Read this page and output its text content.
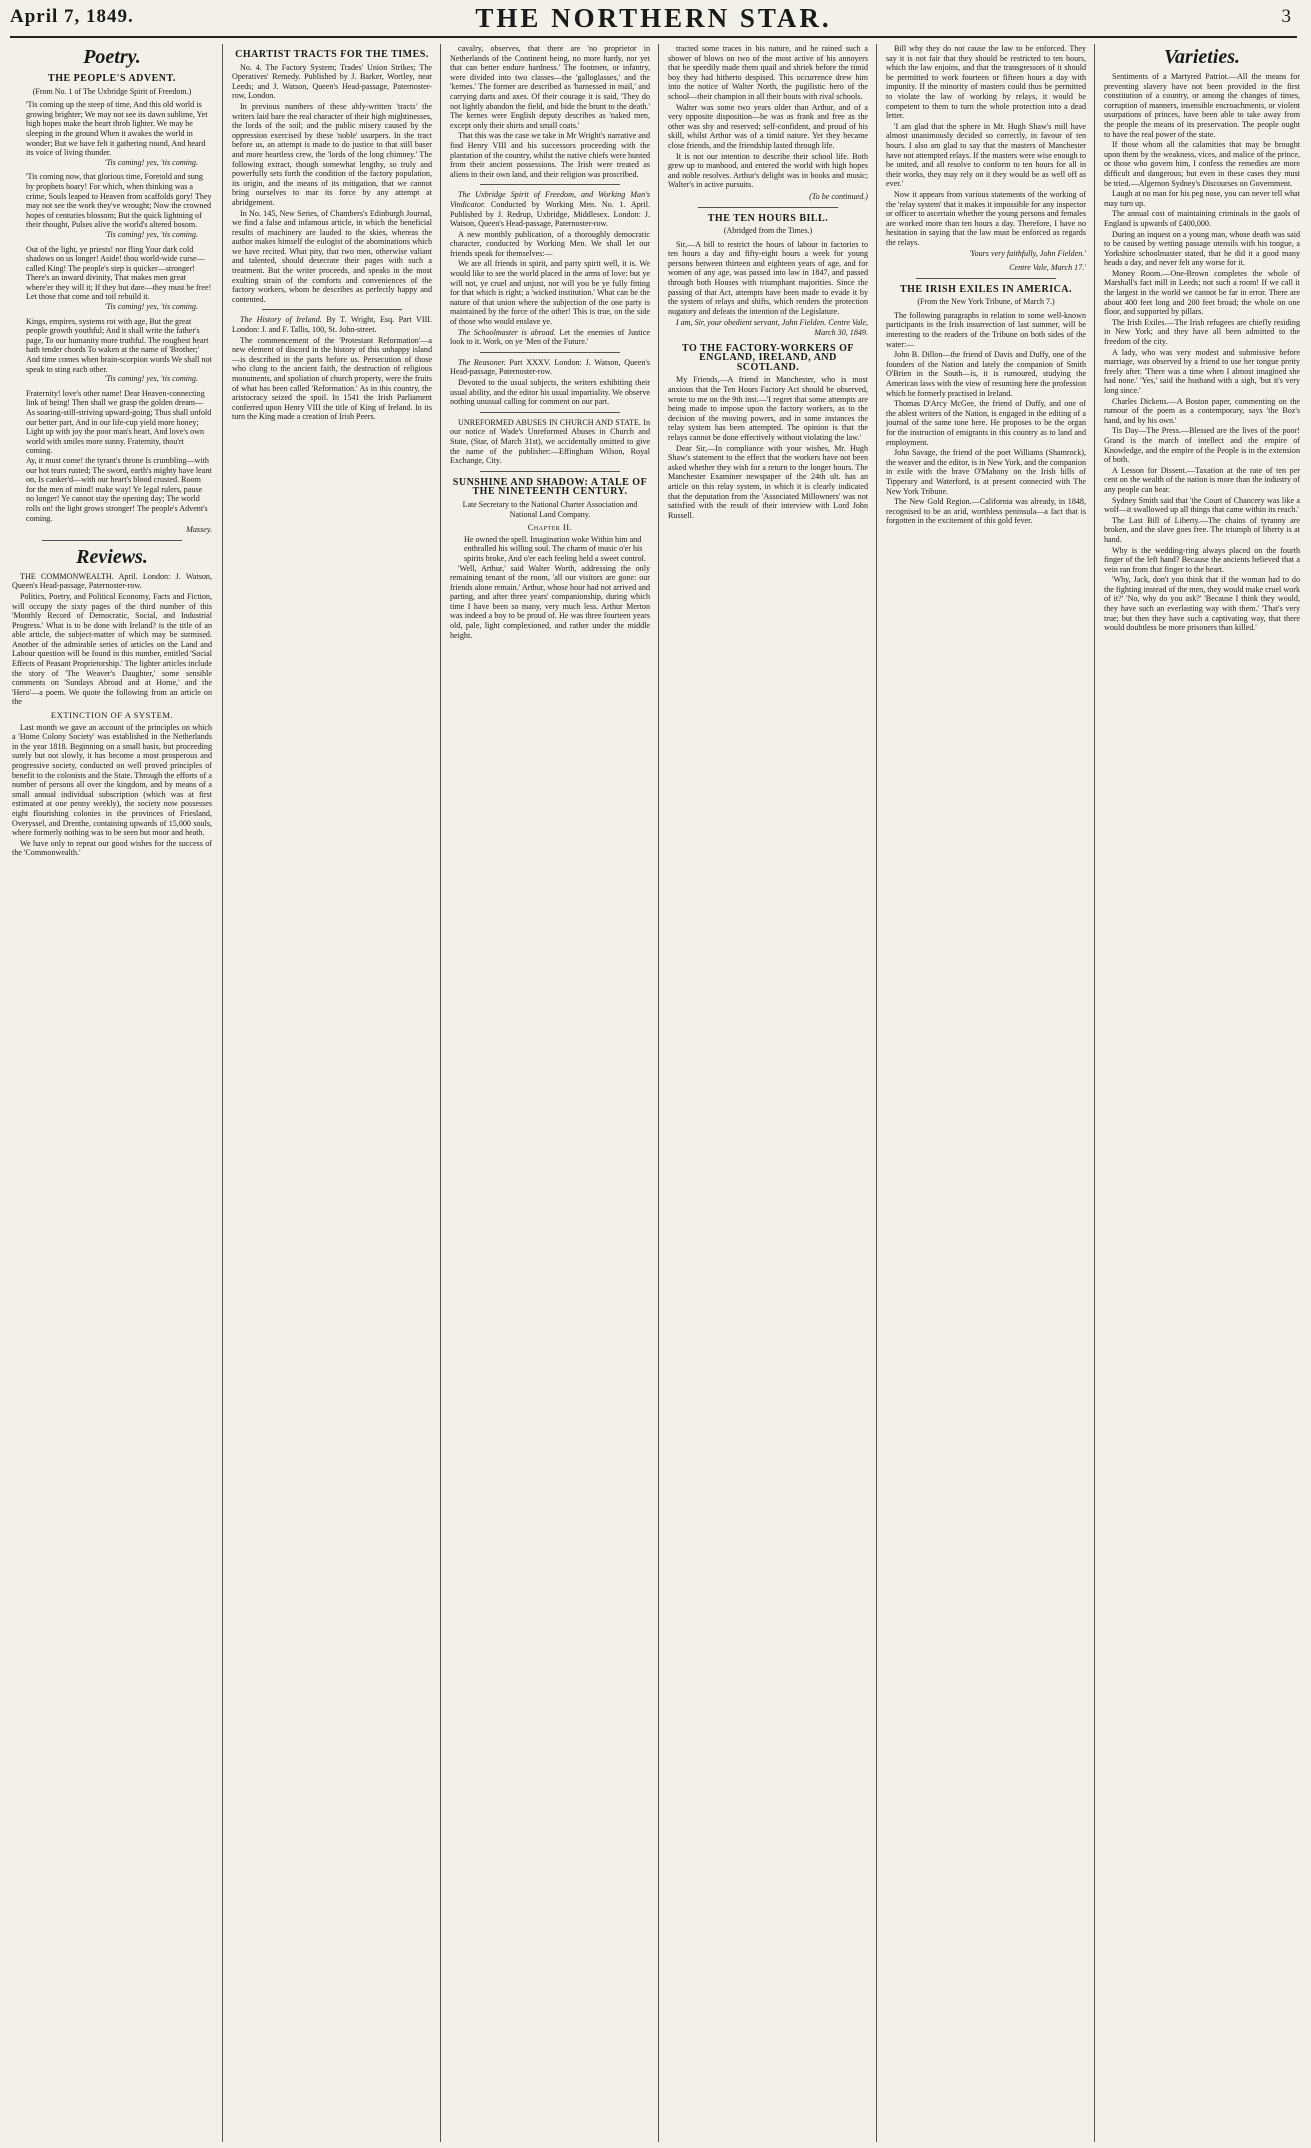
April 7, 1849.	THE NORTHERN STAR.	3
Poetry.
THE PEOPLE'S ADVENT.
(From No. 1 of The Uxbridge Spirit of Freedom.)

'Tis coming up the steep of time, And this old world is growing brighter; We may not see its dawn sublime, Yet high hopes make the heart throb lighter. We may be sleeping in the ground When it awakes the world in wonder; But we have felt it gathering round, And heard its voice of living thunder.

'Tis coming! yes, 'tis coming.

'Tis coming now, that glorious time, Foretold and sung by prophets hoary! For which, when thinking was a crime, Souls leaped to Heaven from scaffolds gory! They may not see the work they've wrought; Now the crowned hopes of centuries blossom; But the quick lightning of their thought, Pulses alive the world's altered bosom.

'Tis coming! yes, 'tis coming.

Out of the light, ye priests! nor fling Your dark cold shadows on us longer! Aside! thou world-wide curse—called King! The people's step is quicker—stronger! There's an inward divinity, That makes men great where'er they will it; If they but dare—they must be free! Let those that come and toil rebuild it.

'Tis coming! yes, 'tis coming.

Kings, empires, systems rot with age, But the great people growth youthful; And it shall write the father's page, To our humanity more truthful. The roughest heart hath tender chords To waken at the name of 'Brother;' And time comes when brain-scorpion words We shall not speak to sting each other.

'Tis coming! yes, 'tis coming.

Fraternity! love's other name! Dear Heaven-connecting link of being! Then shall we grasp the golden dream— As soaring-still-striving upward-going; Thus shall unfold our better part, And in our life-cup yield more honey; Light up with joy the poor man's heart, And love's own world with smiles more sunny. Fraternity, thou'rt coming.

Ay, it must come! the tyrant's throne Is crumbling—with our hot tears rusted; The sword, earth's mighty have leant on, Is canker'd—with our heart's blood crusted. Room for the men of mind! make way! Ye legal rulers, pause no longer! Ye cannot stay the opening day; The world rolls on! the light grows stronger! The people's Advent's coming.

Massey.

Reviews.

THE COMMONWEALTH. April. London: J. Watson, Queen's Head-passage, Paternoster-row.

Politics, Poetry, and Political Economy, Facts and Fiction, will occupy the sixty pages of the third number of this 'Monthly Record of Democratic, Social, and Industrial Progress.' What is to be done with Ireland? is the title of an able article, the subject-matter of which may be surmised. Another of the admirable series of articles on the Land and Labour question will be found in this number, entitled 'Social Effects of Peasant Proprietorship.' The lighter articles include the story of 'The Weaver's Daughter,' some sensible comments on 'Sundays Abroad and at Home,' and the 'Hero'—a poem. We quote the following from an article on the

EXTINCTION OF A SYSTEM.

Last month we gave an account of the principles on which a 'Home Colony Society' was established in the Netherlands in the year 1818. Beginning on a small basis, but proceeding surely but not slowly, it has become a most prosperous and progressive society, conducted on well proved principles of benefit to the colonists and the State. Through the efforts of a number of persons all over the kingdom, and by means of a small annual individual subscription (which was at first estimated at one penny weekly), the society now possesses eight flourishing colonies in the provinces of Friesland, Overyssel, and Drenthe, containing upwards of 15,000 souls, where formerly nothing was to be seen but moor and heath.

We have only to repeat our good wishes for the success of the 'Commonwealth.'

CHARTIST TRACTS FOR THE TIMES.

No. 4. The Factory System; Trades' Union Strikes; The Operatives' Remedy. Published by J. Barker, Wortley, near Leeds; and J. Watson, Queen's Head-passage, Paternoster-row, London.

In previous numbers of these ably-written 'tracts' the writers laid bare the real character of their high mightinesses, the lords of the soil; and the public misery caused by the oppression exercised by these 'noble' usurpers. In the tract before us, an attempt is made to do justice to that still baser and more heartless crew, the 'lords of the long chimney.' The following extract, though somewhat lengthy, so truly and powerfully sets forth the condition of the factory population, its origin, and the means of its mitigation, that we cannot bring ourselves to mar its force by any attempt at abridgement.

In No. 145, New Series, of Chambers's Edinburgh Journal, we find a false and infamous article, in which the beneficial results of machinery are lauded to the skies, whereas the author makes himself the eulogist of the abominations which we have recited. What pity, that two men, otherwise valiant and talented, should desecrate their pages with such a treatment. But the writer proceeds, and speaks in the most exulting strain of the comforts and conveniences of the factory workers, whom he describes as perfectly happy and contented.

The History of Ireland. By T. Wright, Esq. Part VIII. London: J. and F. Tallis, 100, St. John-street.

The commencement of the 'Protestant Reformation'—a new element of discord in the history of this unhappy island—is described in the parts before us. Persecution of those who clung to the ancient faith, the destruction of religious monuments, and spoliation of church property, were the fruits of what has been called 'Reformation.' As in this country, the aristocracy seized the spoil. In 1541 the Irish Parliament conferred upon Henry VIII the title of King of Ireland. In its turn the King made a creation of Irish Peers.

cavalry, observes, that there are 'no proprietor in Netherlands of the Continent being, no more hardy, nor yet that can better endure hardness.' The footmen, or infantry, were divided into two classes—the 'galloglasses,' and the 'kernes.' The former are described as 'harnessed in mail,' and carrying darts and axes. Of their courage it is said, 'They do not lightly abandon the field, and bide the brunt to the death.' The kernes were English deputy describes as 'naked men, except only their shirts and small coats.'

That this was the case we take in Mr Wright's narrative and find Henry VIII and his successors proceeding with the plantation of the country, whilst the native chiefs were hunted from their ancient possessions. The Irish were treated as aliens in their own land, and their religion was proscribed.

The Uxbridge Spirit of Freedom, and Working Man's Vindicator. Conducted by Working Men. No. 1. April. Published by J. Redrup, Uxbridge, Middlesex. London: J. Watson, Queen's Head-passage, Paternoster-row.

A new monthly publication, of a thoroughly democratic character, conducted by Working Men. We shall let our friends speak for themselves:—

We are all friends in spirit, and party spirit well, it is. We would like to see the world placed in the arms of love: but ye will not, ye cruel and unjust, nor will you be ye fully fitting for that which is right; a 'wicked institution.' What can be the nature of that union where the subjection of the one party is maintained by the force of the other! This is true, on the side of those who would enslave ye.

The Schoolmaster is abroad. Let the enemies of Justice look to it. Work, on ye 'Men of the Future.'

The Reasoner. Part XXXV. London: J. Watson, Queen's Head-passage, Paternoster-row.

Devoted to the usual subjects, the writers exhibiting their usual ability, and the editor his usual impartiality. We observe nothing unusual calling for comment on our part.

UNREFORMED ABUSES IN CHURCH AND STATE. In our notice of Wade's Unreformed Abuses in Church and State, (Star, of March 31st), we accidentally omitted to give the name of the publisher:—Effingham Wilson, Royal Exchange, City.

SUNSHINE AND SHADOW: A TALE OF THE NINETEENTH CENTURY.
Late Secretary to the National Charter Association and National Land Company.
Chapter II.

He owned the spell. Imagination woke Within him and enthralled his willing soul. The charm of music o'er his spirits broke, And o'er each feeling held a sweet control.

'Well, Arthur,' said Walter Worth, addressing the only remaining tenant of the room, 'all our visitors are gone: our friends alone remain.' Arthur, whose hour had not arrived and parting, and after three years' companionship, during which time I have been so many, very much less. Arthur Merton was indeed a boy to be proud of. He was three fourteen years old, pale, light complexioned, and rather under the middle height.

tracted some traces in his nature, and he rained such a shower of blows on two of the most active of his annoyers that he speedily made them quail and shriek before the timid boy they had hitherto despised. This occurrence drew him into the notice of Walter North, the pugilistic hero of the school—their champion in all their bouts with rival schools.

Walter was some two years older than Arthur, and of a very opposite disposition—he was as frank and free as the other was shy and reserved; self-confident, and proud of his skill, whilst Arthur was of a timid nature. Yet they became close friends, and the friendship lasted through life.

It is not our intention to describe their school life. Both grew up to manhood, and entered the world with high hopes and noble resolves. Arthur's delight was in books and music; Walter's in active pursuits.

(To be continued.)

THE TEN HOURS BILL.
(Abridged from the Times.)

Sir,—A bill to restrict the hours of labour in factories to ten hours a day and fifty-eight hours a week for young persons between thirteen and eighteen years of age, and for women of any age, was passed into law in 1847, and passed through both Houses with triumphant majorities. Since the passing of that Act, attempts have been made to evade it by the system of relays and shifts, which renders the protection nugatory and defeats the intention of the Legislature.

I am, Sir, your obedient servant, John Fielden. Centre Vale, March 30, 1849.

TO THE FACTORY-WORKERS OF ENGLAND, IRELAND, AND SCOTLAND.

My Friends,—A friend in Manchester, who is most anxious that the Ten Hours Factory Act should be observed, wrote to me on the 9th inst.—'I regret that some attempts are being made to impose upon the factory workers, as to the decision of the moving powers, and in some instances the relay system has been attempted. The opinion is that the relays cannot be done effectively without violating the law.'

Dear Sir,—In compliance with your wishes, Mr. Hugh Shaw's statement to the effect that the workers have not been asked whether they wish for a return to the longer hours. The Manchester Examiner newspaper of the 24th ult. has an article on this relay system, in which it is clearly indicated that the deputation from the 'Associated Millowners' was not satisfied with the result of their interview with Lord John Russell.

Bill why they do not cause the law to be enforced. They say it is not fair that they should be restricted to ten hours, which the law enjoins, and that the transgressors of it should be permitted to work fourteen or fifteen hours a day with impunity. If the minority of masters could thus be permitted to violate the law of working by relays, it would be competent to them to turn the whole protection into a dead letter.

'I am glad that the sphere in Mr. Hugh Shaw's mill have almost unanimously decided so correctly, in favour of ten hours. I also am glad to say that the masters of Manchester have not attempted relays. If the masters were wise enough to be united, and all resolve to conform to ten hours for all in their works, they may rely on it they would be as well off as ever.'

Now it appears from various statements of the working of the 'relay system' that it makes it impossible for any inspector or officer to ascertain whether the young persons and females are worked more than ten hours a day. Therefore, I have no hesitation in saying that the law must be enforced as regards the relays.

'Yours very faithfully, John Fielden.'

Centre Vale, March 17.'

THE IRISH EXILES IN AMERICA.
(From the New York Tribune, of March 7.)

The following paragraphs in relation to some well-known participants in the Irish insurrection of last summer, will be interesting to the readers of the Tribune on both sides of the water:—

John B. Dillon—the friend of Davis and Duffy, one of the founders of the Nation and lately the companion of Smith O'Brien in the South—is, it is rumoured, studying the American laws with the view of resuming here the profession which he formerly practised in Ireland.

Thomas D'Arcy McGee, the friend of Duffy, and one of the ablest writers of the Nation, is engaged in the editing of a journal of the same tone here. He proposes to be the organ for the instruction of emigrants in this country as to land and employment.

John Savage, the friend of the poet Williams (Shamrock), the weaver and the editor, is in New York, and the companion in exile with the brave O'Mahony on the Irish hills of Tipperary and Waterford, is at present connected with The New York Tribune.

The New Gold Region.—California was already, in 1848, recognised to be an arid, worthless peninsula—a fact that is forgotten in the excitement of this gold fever.

Varieties.

Sentiments of a Martyred Patriot.—All the means for preventing slavery have not been provided in the first constitution of a country, or among the changes of times, corruption of manners, insensible encroachments, or violent usurpations of princes, have been able to take away from the people the means of its preservation. The people ought to have the real power of the state.

If those whom all the calamities that may be brought upon them by the weakness, vices, and malice of the prince, or those who govern him, I confess the remedies are more difficult and dangerous; but even in these cases they must be tried.—Algernon Sydney's Discourses on Government.

Laugh at no man for his peg nose, you can never tell what may turn up.

The annual cost of maintaining criminals in the gaols of England is upwards of £400,000.

During an inquest on a young man, whose death was said to be caused by wetting passage utensils with his tongue, a Yorkshire schoolmaster stated, that he did it a good many heads a day, and never felt any worse for it.

Money Room.—One-Brown completes the whole of Marshall's fact mill in Leeds; not such a room! If we call it the largest in the world we cannot be far in error. There are about 400 feet long and 200 feet broad; the whole on one floor, and supported by pillars.

The Irish Exiles.—The Irish refugees are chiefly residing in New York; and they have all been admitted to the freedom of the city.

A lady, who was very modest and submissive before marriage, was observed by a friend to use her tongue pretty freely after. 'There was a time when I almost imagined she had none.' 'Yes,' said the husband with a sigh, 'but it's very long since.'

Charles Dickens.—A Boston paper, commenting on the rumour of the poem as a contemporary, says 'the Boz's hand, and by his own.'

Tis Day—The Press.—Blessed are the lives of the poor! Grand is the march of intellect and the empire of Knowledge, and the empire of the People is in the extension of both.

A Lesson for Dissent.—Taxation at the rate of ten per cent on the wealth of the nation is more than the industry of any people can bear.

Sydney Smith said that 'the Court of Chancery was like a wolf—it swallowed up all things that came within its reach.'

The Last Bill of Liberty.—The chains of tyranny are broken, and the slave goes free. The triumph of liberty is at hand.

Why is the wedding-ring always placed on the fourth finger of the left hand? Because the ancients believed that a vein ran from that finger to the heart.

'Why, Jack, don't you think that if the woman had to do the fighting instead of the men, they would make cruel work of it?' 'No, why do you ask?' 'Because I think they would, they have such an everlasting way with them.' 'That's very true; but then they have such a captivating way, that there would doubtless be more prisoners than killed.'
